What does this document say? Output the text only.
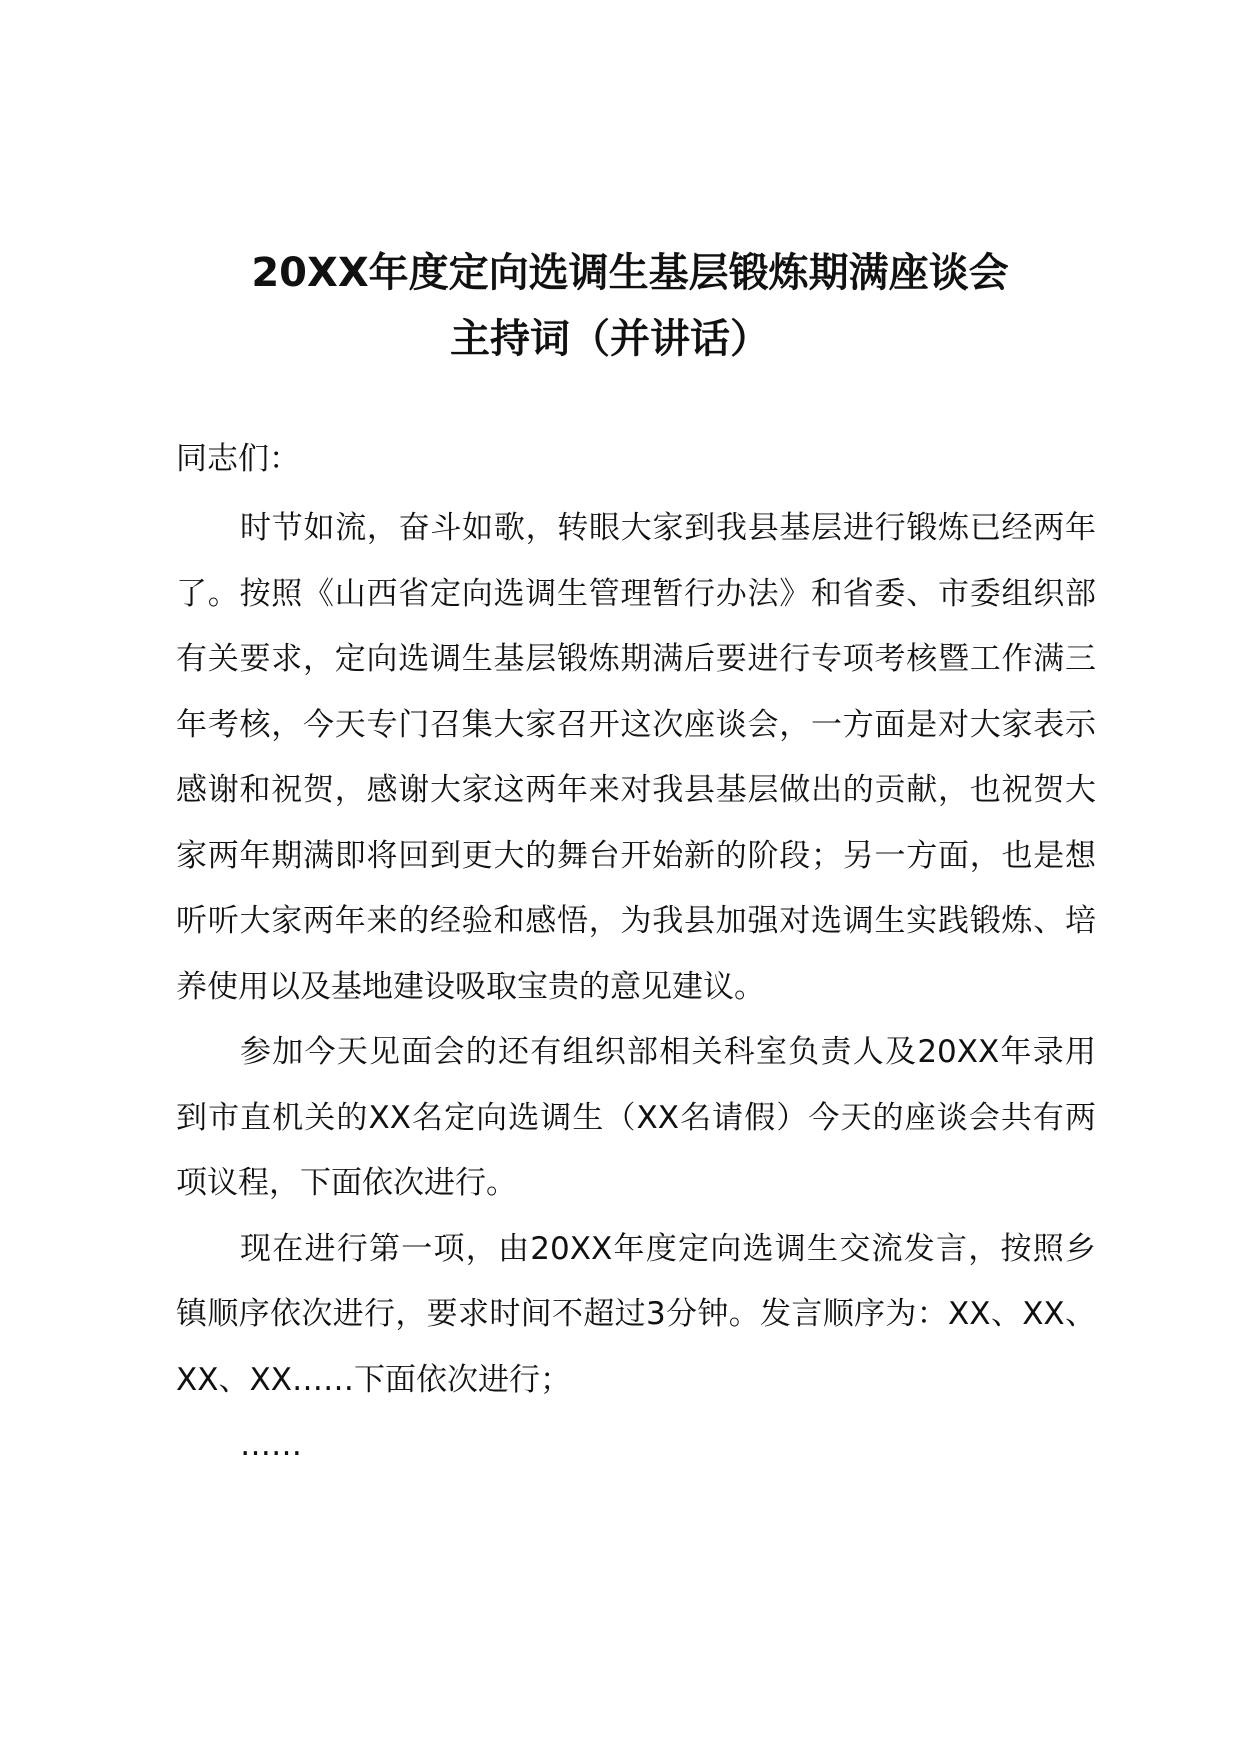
20XX年度定向选调生基层锻炼期满座谈会
主持词（并讲话）

同志们：

时节如流，奋斗如歌，转眼大家到我县基层进行锻炼已经两年了。按照《山西省定向选调生管理暂行办法》和省委、市委组织部有关要求，定向选调生基层锻炼期满后要进行专项考核暨工作满三年考核，今天专门召集大家召开这次座谈会，一方面是对大家表示感谢和祝贺，感谢大家这两年来对我县基层做出的贡献，也祝贺大家两年期满即将回到更大的舞台开始新的阶段；另一方面，也是想听听大家两年来的经验和感悟，为我县加强对选调生实践锻炼、培养使用以及基地建设吸取宝贵的意见建议。

参加今天见面会的还有组织部相关科室负责人及20XX年录用到市直机关的XX名定向选调生（XX名请假）今天的座谈会共有两项议程，下面依次进行。

现在进行第一项，由20XX年度定向选调生交流发言，按照乡镇顺序依次进行，要求时间不超过3分钟。发言顺序为：XX、XX、XX、XX……下面依次进行；

……
